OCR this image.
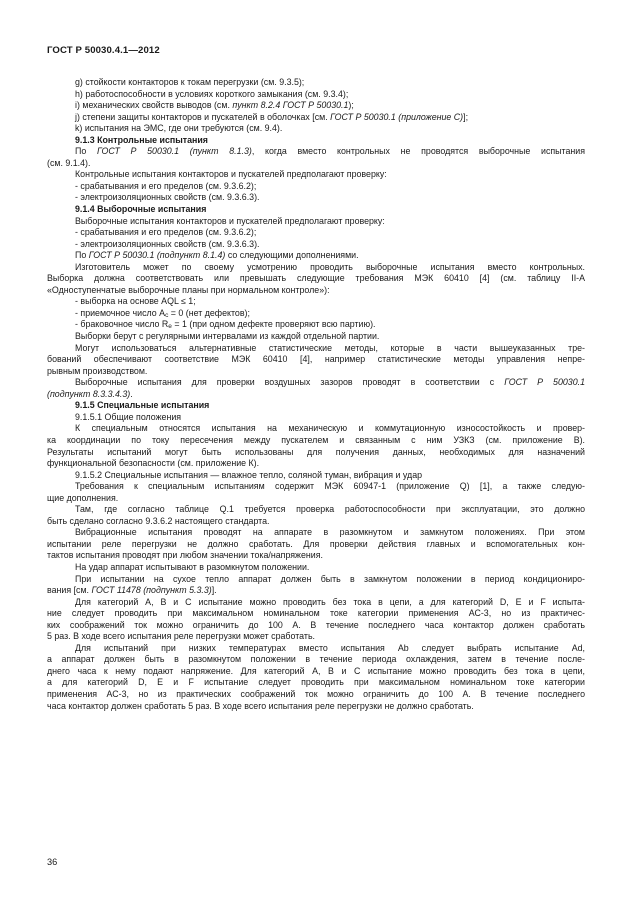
ГОСТ Р 50030.4.1—2012

g) стойкости контакторов к токам перегрузки (см. 9.3.5);

h) работоспособности в условиях короткого замыкания (см. 9.3.4);

i) механических свойств выводов (см. пункт 8.2.4 ГОСТ Р 50030.1);

j) степени защиты контакторов и пускателей в оболочках [см. ГОСТ Р 50030.1 (приложение С)];

k) испытания на ЭМС, где они требуются (см. 9.4).

9.1.3 Контрольные испытания

По ГОСТ Р 50030.1 (пункт 8.1.3), когда вместо контрольных не проводятся выборочные испытания

(см. 9.1.4).

Контрольные испытания контакторов и пускателей предполагают проверку:

- срабатывания и его пределов (см. 9.3.6.2);

- электроизоляционных свойств (см. 9.3.6.3).

9.1.4 Выборочные испытания

Выборочные испытания контакторов и пускателей предполагают проверку:

- срабатывания и его пределов (см. 9.3.6.2);

- электроизоляционных свойств (см. 9.3.6.3).

По ГОСТ Р 50030.1 (подпункт 8.1.4) со следующими дополнениями.

Изготовитель может по своему усмотрению проводить выборочные испытания вместо контрольных.

Выборка должна соответствовать или превышать следующие требования МЭК 60410 [4] (см. таблицу II-А

«Одноступенчатые выборочные планы при нормальном контроле»):

- выборка на основе AQL ≤ 1;

- приемочное число $A_c = 0$ (нет дефектов);

- браковочное число $R_e = 1$ (при одном дефекте проверяют всю партию).

Выборки берут с регулярными интервалами из каждой отдельной партии.

Могут использоваться альтернативные статистические методы, которые в части вышеуказанных тре-

бований обеспечивают соответствие МЭК 60410 [4], например статистические методы управления непре-

рывным производством.

Выборочные испытания для проверки воздушных зазоров проводят в соответствии с ГОСТ Р 50030.1

(подпункт 8.3.3.4.3).

9.1.5 Специальные испытания

9.1.5.1 Общие положения

К специальным относятся испытания на механическую и коммутационную износостойкость и провер-

ка координации по току пересечения между пускателем и связанным с ним УЗКЗ (см. приложение В).

Результаты испытаний могут быть использованы для получения данных, необходимых для назначений

функциональной безопасности (см. приложение К).

9.1.5.2 Специальные испытания — влажное тепло, соляной туман, вибрация и удар

Требования к специальным испытаниям содержит МЭК 60947-1 (приложение Q) [1], а также следую-

щие дополнения.

Там, где согласно таблице Q.1 требуется проверка работоспособности при эксплуатации, это должно

быть сделано согласно 9.3.6.2 настоящего стандарта.

Вибрационные испытания проводят на аппарате в разомкнутом и замкнутом положениях. При этом

испытании реле перегрузки не должно сработать. Для проверки действия главных и вспомогательных кон-

тактов испытания проводят при любом значении тока/напряжения.

На удар аппарат испытывают в разомкнутом положении.

При испытании на сухое тепло аппарат должен быть в замкнутом положении в период кондициониро-

вания [см. ГОСТ 11478 (подпункт 5.3.3)].

Для категорий А, В и С испытание можно проводить без тока в цепи, а для категорий D, Е и F испыта-

ние следует проводить при максимальном номинальном токе категории применения АС-3, но из практичес-

ких соображений ток можно ограничить до 100 А. В течение последнего часа контактор должен сработать

5 раз. В ходе всего испытания реле перегрузки может сработать.

Для испытаний при низких температурах вместо испытания Ab следует выбрать испытание Ad,

а аппарат должен быть в разомкнутом положении в течение периода охлаждения, затем в течение после-

днего часа к нему подают напряжение. Для категорий А, В и С испытание можно проводить без тока в цепи,

а для категорий D, Е и F испытание следует проводить при максимальном номинальном токе категории

применения АС-3, но из практических соображений ток можно ограничить до 100 А. В течение последнего

часа контактор должен сработать 5 раз. В ходе всего испытания реле перегрузки не должно сработать.

36
